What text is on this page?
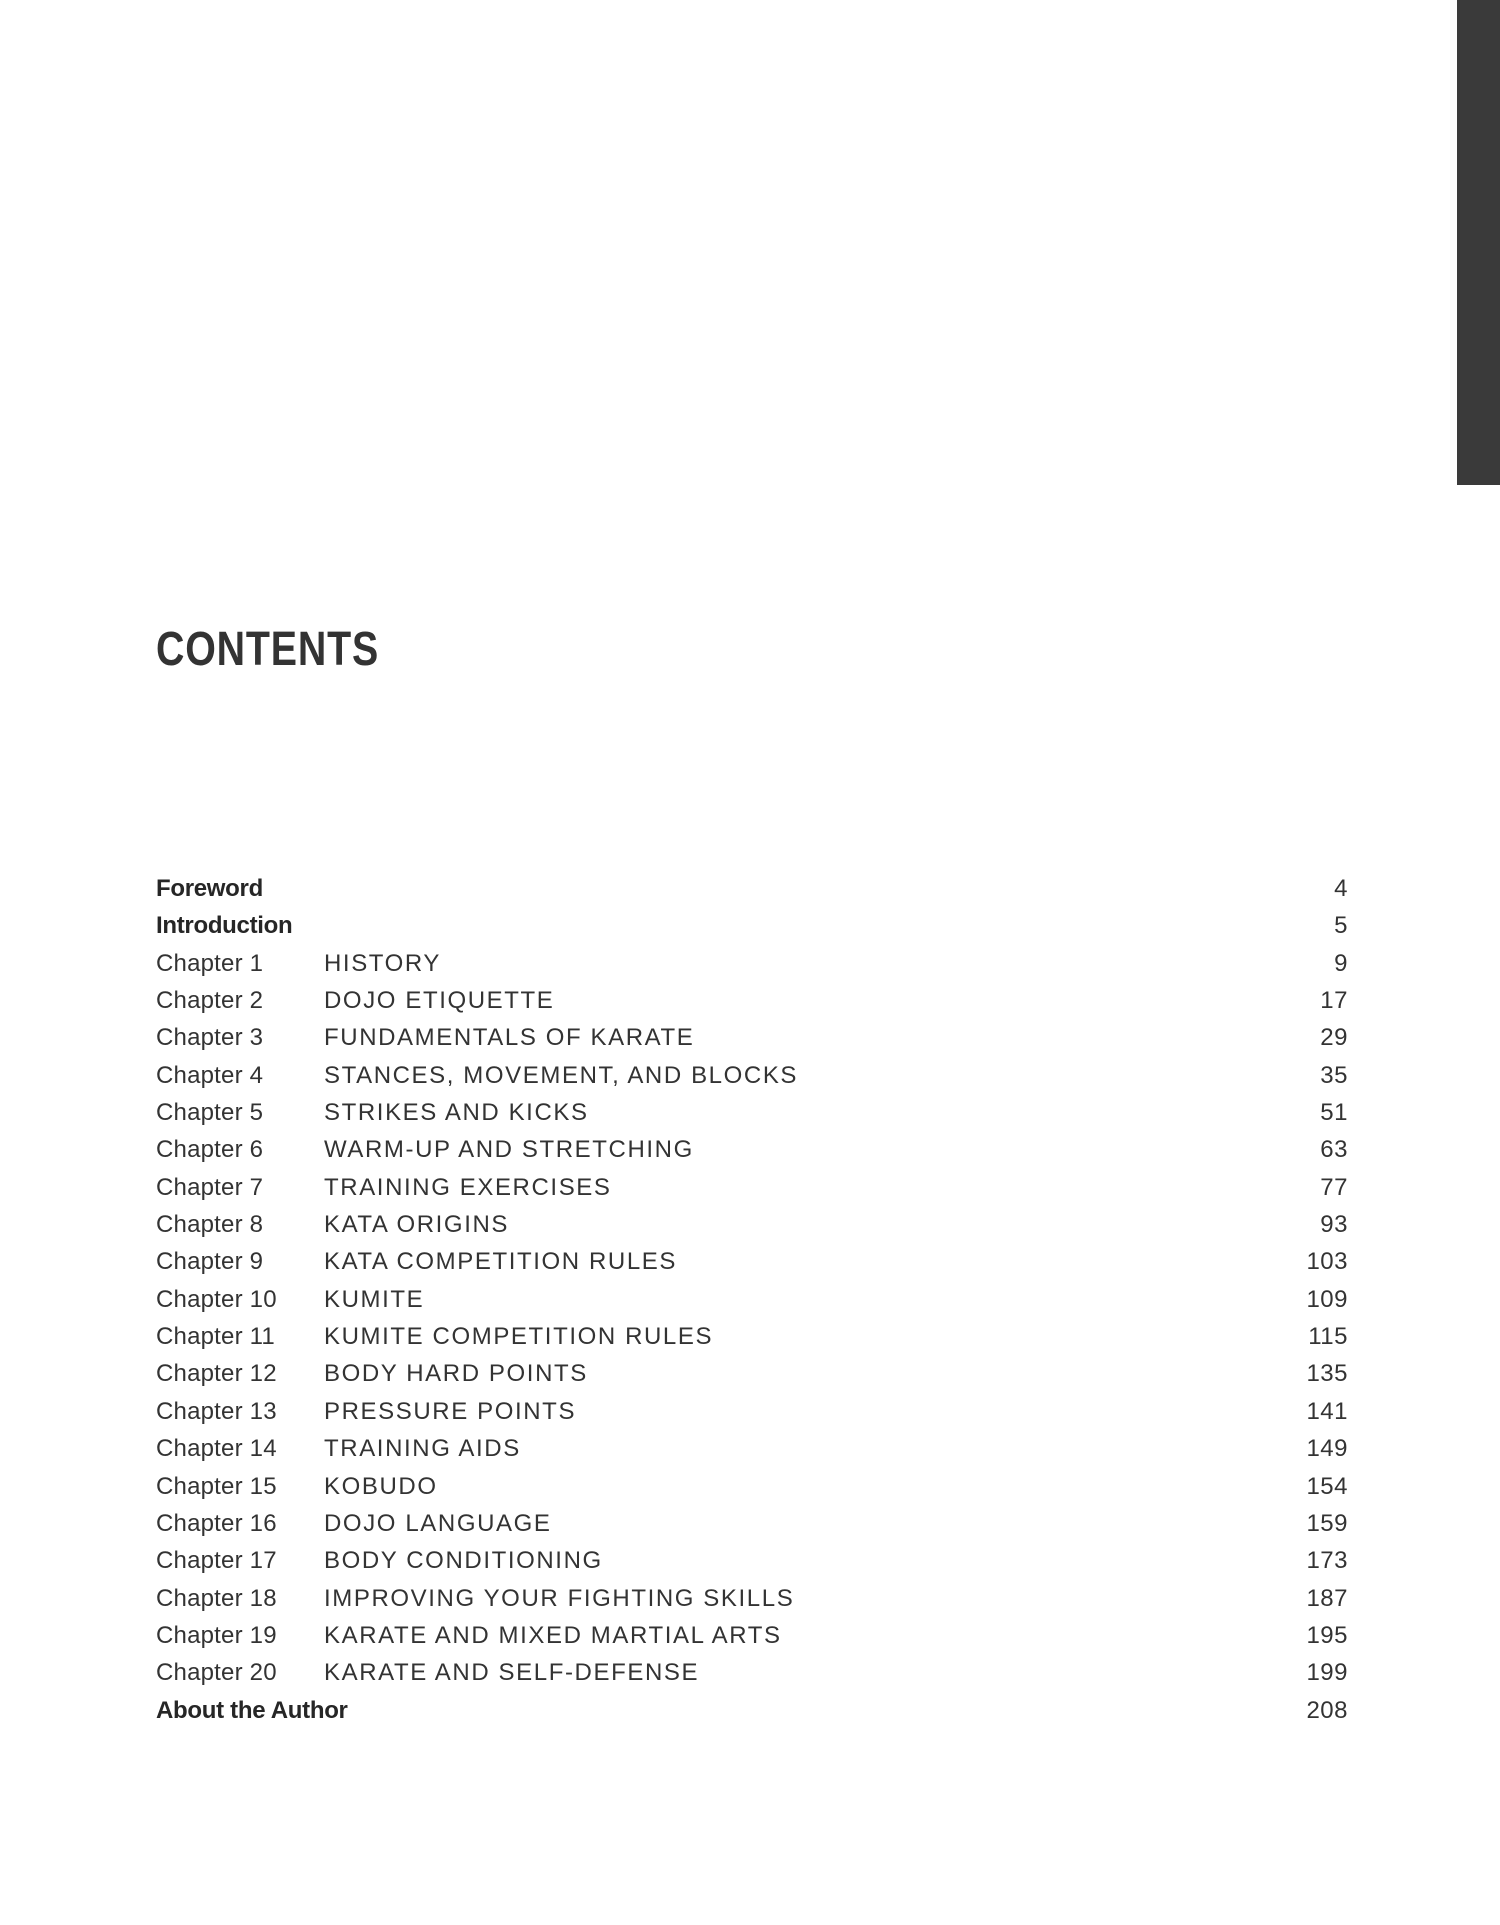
CONTENTS
Foreword	4
Introduction	5
Chapter 1	HISTORY	9
Chapter 2	DOJO ETIQUETTE	17
Chapter 3	FUNDAMENTALS OF KARATE	29
Chapter 4	STANCES, MOVEMENT, AND BLOCKS	35
Chapter 5	STRIKES AND KICKS	51
Chapter 6	WARM-UP AND STRETCHING	63
Chapter 7	TRAINING EXERCISES	77
Chapter 8	KATA ORIGINS	93
Chapter 9	KATA COMPETITION RULES	103
Chapter 10 KUMITE	109
Chapter 11 KUMITE COMPETITION RULES	115
Chapter 12 BODY HARD POINTS	135
Chapter 13 PRESSURE POINTS	141
Chapter 14 TRAINING AIDS	149
Chapter 15 KOBUDO	154
Chapter 16 DOJO LANGUAGE	159
Chapter 17 BODY CONDITIONING	173
Chapter 18 IMPROVING YOUR FIGHTING SKILLS	187
Chapter 19 KARATE AND MIXED MARTIAL ARTS	195
Chapter 20 KARATE AND SELF-DEFENSE	199
About the Author	208
